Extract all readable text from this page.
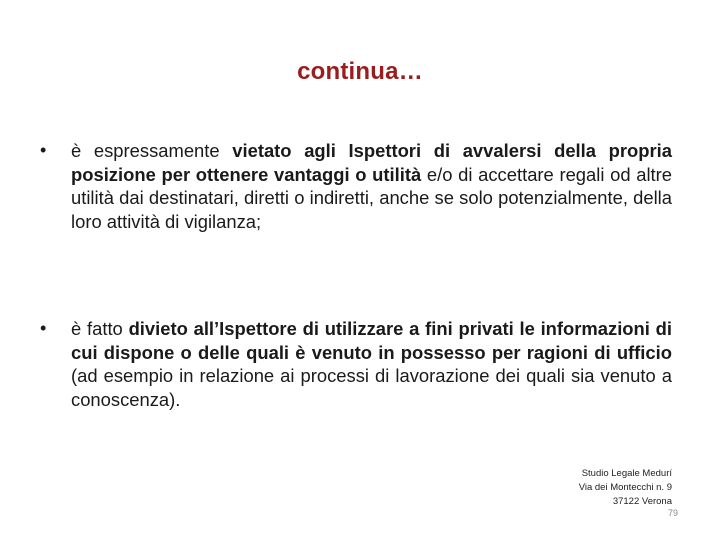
continua…
• è espressamente vietato agli Ispettori di avvalersi della propria posizione per ottenere vantaggi o utilità e/o di accettare regali od altre utilità dai destinatari, diretti o indiretti, anche se solo potenzialmente, della loro attività di vigilanza;
• è fatto divieto all’Ispettore di utilizzare a fini privati le informazioni di cui dispone o delle quali è venuto in possesso per ragioni di ufficio (ad esempio in relazione ai processi di lavorazione dei quali sia venuto a conoscenza).
Studio Legale Medurí
Via dei Montecchi n. 9
37122 Verona
79
